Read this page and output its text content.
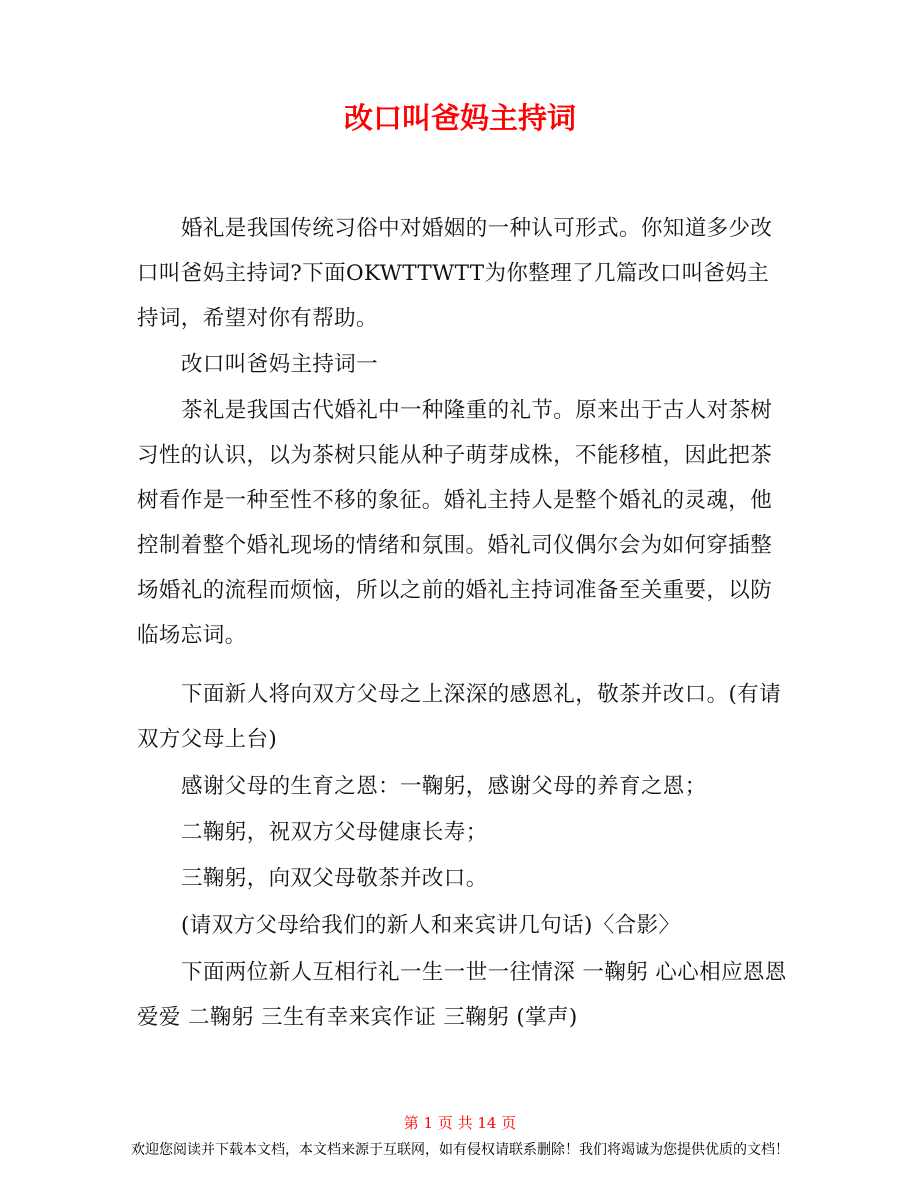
改口叫爸妈主持词

婚礼是我国传统习俗中对婚姻的一种认可形式。你知道多少改口叫爸妈主持词?下面OKWTTWTT为你整理了几篇改口叫爸妈主持词，希望对你有帮助。

改口叫爸妈主持词一

茶礼是我国古代婚礼中一种隆重的礼节。原来出于古人对茶树习性的认识，以为茶树只能从种子萌芽成株，不能移植，因此把茶树看作是一种至性不移的象征。婚礼主持人是整个婚礼的灵魂，他控制着整个婚礼现场的情绪和氛围。婚礼司仪偶尔会为如何穿插整场婚礼的流程而烦恼，所以之前的婚礼主持词准备至关重要，以防临场忘词。

下面新人将向双方父母之上深深的感恩礼，敬茶并改口。(有请双方父母上台)

感谢父母的生育之恩：一鞠躬，感谢父母的养育之恩；

二鞠躬，祝双方父母健康长寿；

三鞠躬，向双父母敬茶并改口。

(请双方父母给我们的新人和来宾讲几句话)〈合影〉

下面两位新人互相行礼一生一世一往情深 一鞠躬 心心相应恩恩爱爱 二鞠躬 三生有幸来宾作证 三鞠躬 (掌声)

第 1 页 共 14 页

欢迎您阅读并下载本文档，本文档来源于互联网，如有侵权请联系删除！我们将竭诚为您提供优质的文档！
